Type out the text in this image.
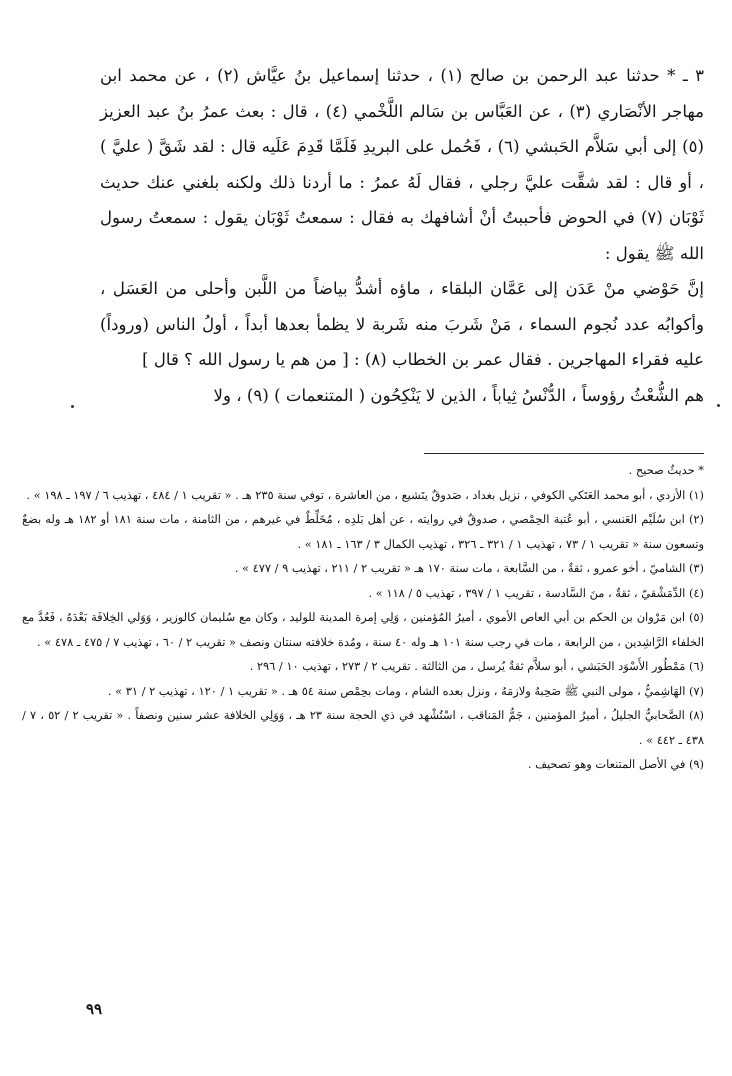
٣ ـ * حدثنا عبد الرحمن بن صالح (١) ، حدثنا إسماعيل بنُ عيَّاش (٢) ، عن محمد ابن مهاجر الأنْصَاري (٣) ، عن العَبَّاس بن سَالم اللَّخْمي (٤) ، قال : بعث عمرُ بنُ عبد العزيز (٥) إلى أبي سَلاَّم الحَبشي (٦) ، فَحُمل على البريدِ فَلَمَّا قَدِمَ عَلَيه قال : لقد شَقَّ ( عليَّ ) ، أو قال : لقد شقَّت عليَّ رجلي ، فقال لَهُ عمرُ : ما أردنا ذلك ولكنه بلغني عنك حديث ثَوْبَان (٧) في الحوض فأحببتُ أنْ أشافهك به فقال : سمعتُ ثَوْبَان يقول : سمعتُ رسول الله ﷺ يقول :

إنَّ حَوْضي منْ عَدَن إلى عَمَّان البلقاء ، ماؤه أشدُّ بياضاً من اللَّبن وأحلى من العَسَل ، وأكوابُه عدد نُجوم السماء ، مَنْ شَربَ منه شَربة لا يظمأ بعدها أبداً ، أولُ الناس (وروداً) عليه فقراء المهاجرين . فقال عمر بن الخطاب (٨) : [ من هم يا رسول الله ؟ قال ]

هم الشُّعْثُ رؤوساً ، الدُّنْسُ ثِياباً ، الذين لا يَنْكِحُون ( المتنعمات ) (٩) ، ولا

* حديثٌ صحيح .

(١) الأزدي ، أبو محمد العَتَكي الكوفي ، نزيل بغداد ، صَدوقٌ يتَشيع ، من العاشرة ، توفي سنة ٢٣٥ هـ . « تقريب ١ / ٤٨٤ ، تهذيب ٦ / ١٩٧ ـ ١٩٨ » .

(٢) ابن سُلَيْم العَنسي ، أبو عُتبة الحِمْصي ، صدوقٌ في روايته ، عن أهل بَلدِه ، مُخَلِّطٌ في غيرهم ، من الثامنة ، مات سنة ١٨١ أو ١٨٢ هـ وله بضعٌ وتسعون سنة « تقريب ١ / ٧٣ ، تهذيب ١ / ٣٢١ ـ ٣٢٦ ، تهذيب الكمال ٣ / ١٦٣ ـ ١٨١ » .

(٣) الشاميّ ، أخو عمرو ، ثقةٌ ، من السَّابعة ، مات سنة ١٧٠ هـ « تقريب ٢ / ٢١١ ، تهذيب ٩ / ٤٧٧ » .

(٤) الدِّمَشْقيّ ، ثقةٌ ، منَ السَّادسة ، تقريب ١ / ٣٩٧ ، تهذيب ٥ / ١١٨ » .

(٥) ابن مَرْوان بن الحكم بن أبي العاص الأموي ، أميرُ المُؤمنين ، وَلِي إمرة المدينة للوليد ، وكان مع سُليمان كالوزير ، وَوَلي الخِلافَة بَعْدَهُ ، فَعُدَّ مع الخلفاء الرَّاشِدين ، من الرابعة ، مات في رجب سنة ١٠١ هـ وله ٤٠ سنة ، ومُدة خلافته سنتان ونصف « تقريب ٢ / ٦٠ ، تهذيب ٧ / ٤٧٥ ـ ٤٧٨ » .

(٦) مَمْطُور الأَسْوَد الحَبَشي ، أبو سلاَّم ثقةٌ يُرسل ، من الثالثة . تقريب ٢ / ٢٧٣ ، تهذيب ١٠ / ٢٩٦ .

(٧) الهَاشِميُّ ، مولى النبي ﷺ صَحِبهُ ولازمَهُ ، ونزل بعده الشام ، ومات بحِمْص سنة ٥٤ هـ . « تقريب ١ / ١٢٠ ، تهذيب ٢ / ٣١ » .

(٨) الصَّحابيُّ الجليلُ ، أميرُ المؤمنين ، جَمُّ المَناقب ، اسْتُشْهد في ذي الحجة سنة ٢٣ هـ ، وَوَلِي الخلافة عشر سنين ونصفاً . « تقريب ٢ / ٥٢ ، ٧ / ٤٣٨ ـ ٤٤٢ » .

(٩) في الأصل المتنعات وهو تصحيف .

٩٩
